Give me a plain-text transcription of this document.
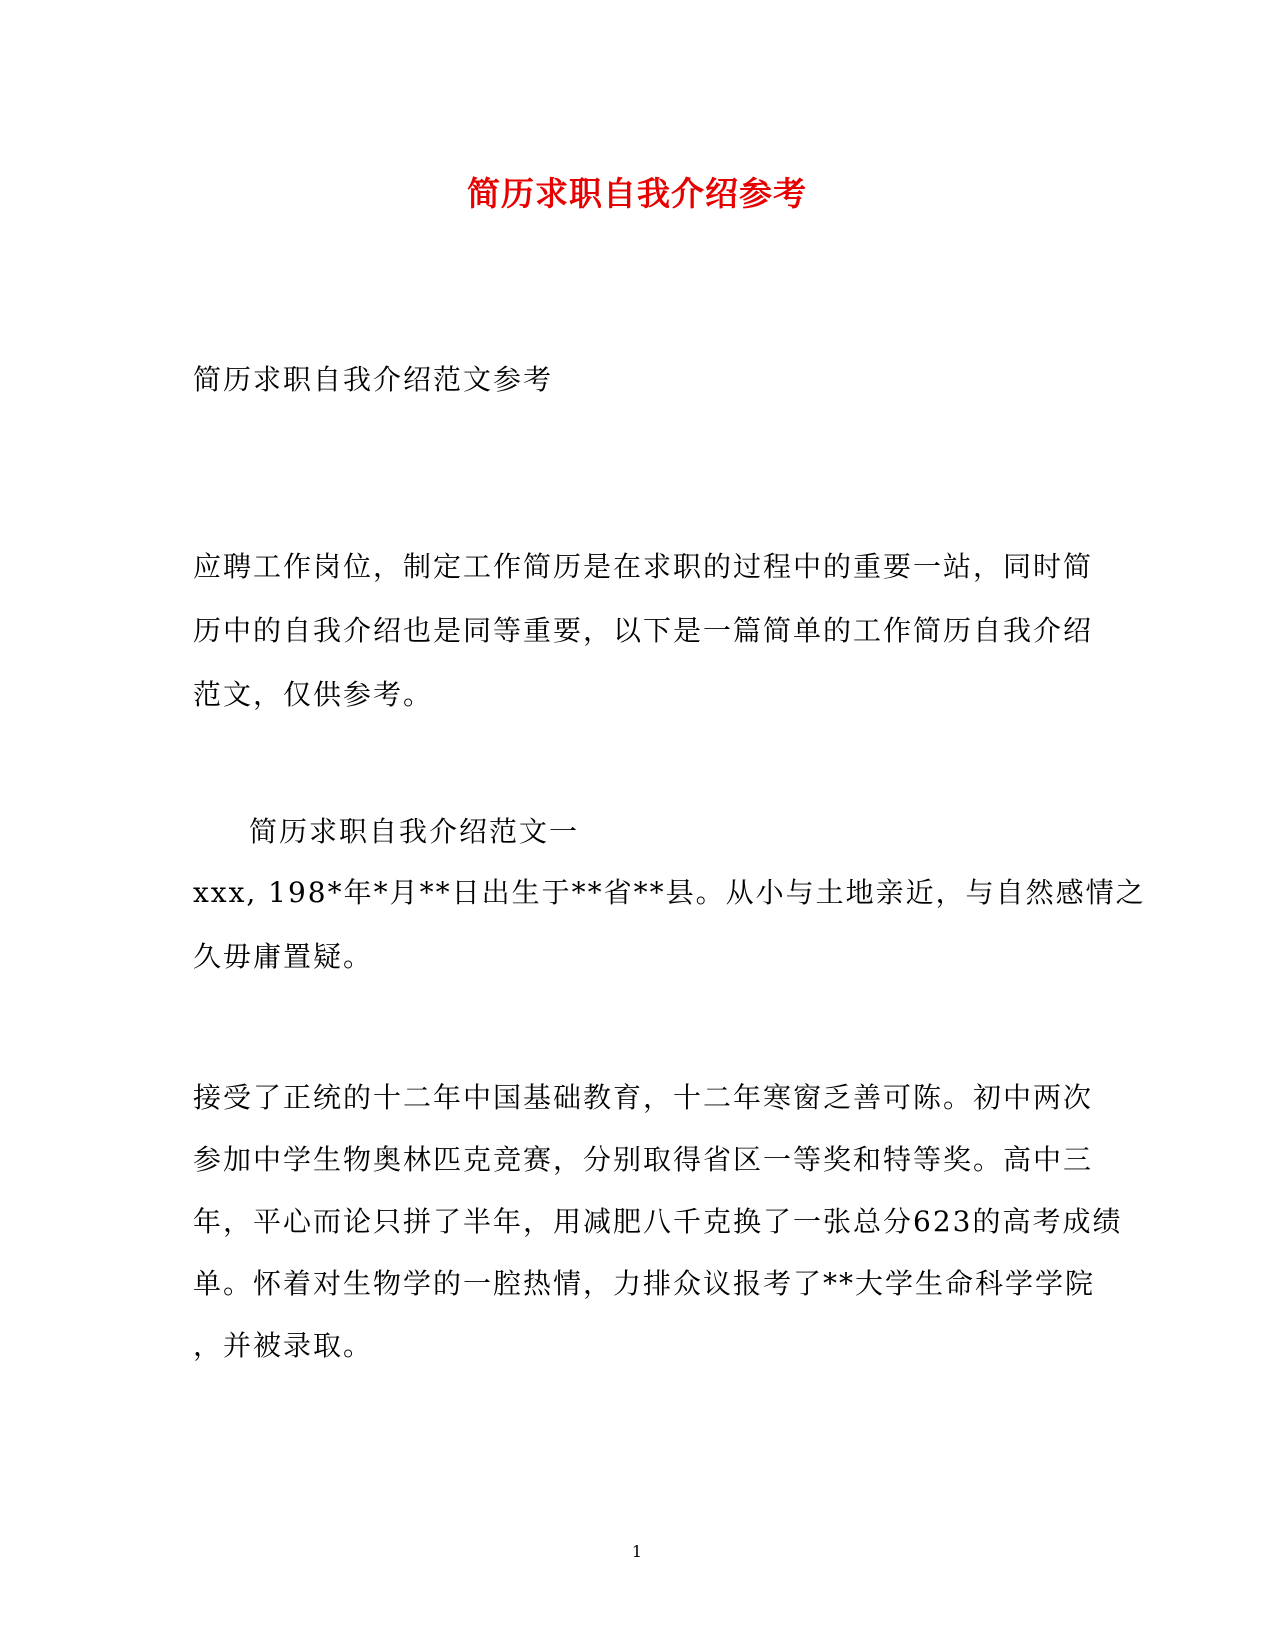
简历求职自我介绍参考
简历求职自我介绍范文参考
应聘工作岗位，制定工作简历是在求职的过程中的重要一站，同时简
历中的自我介绍也是同等重要，以下是一篇简单的工作简历自我介绍
范文，仅供参考。
简历求职自我介绍范文一
xxx, 198*年*月**日出生于**省**县。从小与土地亲近，与自然感情之
久毋庸置疑。
接受了正统的十二年中国基础教育，十二年寒窗乏善可陈。初中两次
参加中学生物奥林匹克竞赛，分别取得省区一等奖和特等奖。高中三
年，平心而论只拼了半年，用减肥八千克换了一张总分623的高考成绩
单。怀着对生物学的一腔热情，力排众议报考了**大学生命科学学院
，并被录取。
1
